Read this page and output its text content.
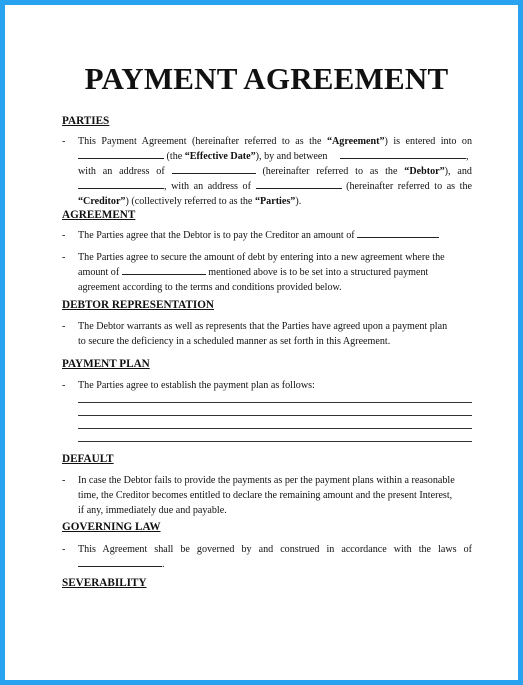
PAYMENT AGREEMENT
PARTIES
- This Payment Agreement (hereinafter referred to as the “Agreement”) is entered into on
(the “Effective Date”), by and between	,
with an address of	(hereinafter referred to as the “Debtor”), and
, with an address of	(hereinafter referred to as the
“Creditor”) (collectively referred to as the “Parties”).
AGREEMENT
- The Parties agree that the Debtor is to pay the Creditor an amount of
- The Parties agree to secure the amount of debt by entering into a new agreement where the
amount of	mentioned above is to be set into a structured payment
agreement according to the terms and conditions provided below.
DEBTOR REPRESENTATION
- The Debtor warrants as well as represents that the Parties have agreed upon a payment plan
to secure the deficiency in a scheduled manner as set forth in this Agreement.
PAYMENT PLAN
- The Parties agree to establish the payment plan as follows:
DEFAULT
- In case the Debtor fails to provide the payments as per the payment plans within a reasonable
time, the Creditor becomes entitled to declare the remaining amount and the present Interest,
if any, immediately due and payable.
GOVERNING LAW
- This Agreement shall be governed by and construed in accordance with the laws of
.
SEVERABILITY
